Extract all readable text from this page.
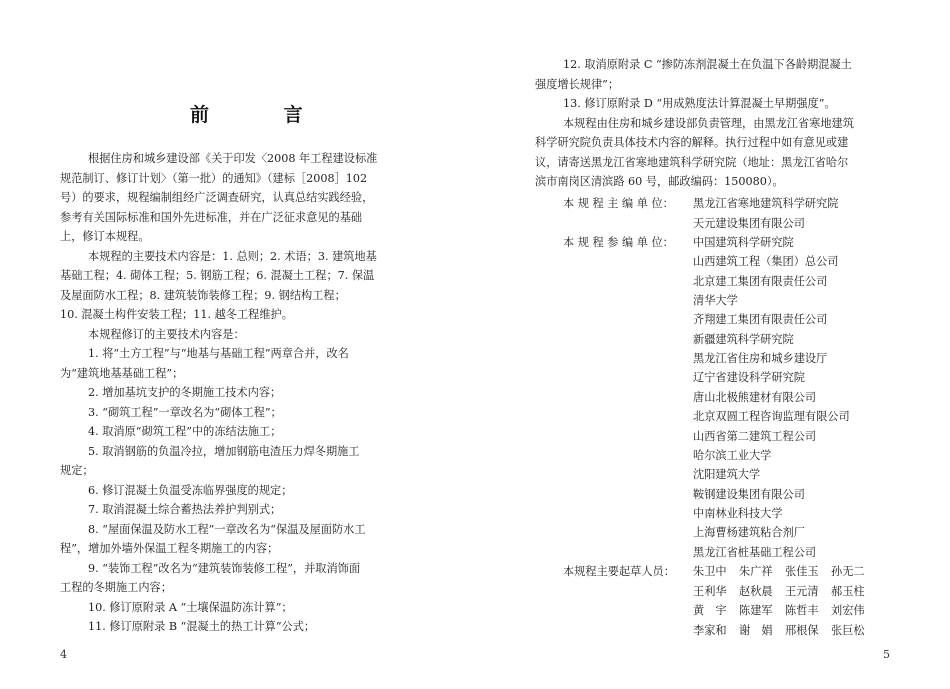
前 言
根据住房和城乡建设部《关于印发〈2008 年工程建设标准
规范制订、修订计划〉（第一批）的通知》（建标［2008］102
号）的要求，规程编制组经广泛调查研究，认真总结实践经验，
参考有关国际标准和国外先进标准，并在广泛征求意见的基础
上，修订本规程。
本规程的主要技术内容是：1. 总则；2. 术语；3. 建筑地基
基础工程；4. 砌体工程；5. 钢筋工程；6. 混凝土工程；7. 保温
及屋面防水工程；8. 建筑装饰装修工程；9. 钢结构工程；
10. 混凝土构件安装工程；11. 越冬工程维护。
本规程修订的主要技术内容是：
1. 将“土方工程”与“地基与基础工程”两章合并，改名
为“建筑地基基础工程”；
2. 增加基坑支护的冬期施工技术内容；
3. “砌筑工程”一章改名为“砌体工程”；
4. 取消原“砌筑工程”中的冻结法施工；
5. 取消钢筋的负温冷拉，增加钢筋电渣压力焊冬期施工
规定；
6. 修订混凝土负温受冻临界强度的规定；
7. 取消混凝土综合蓄热法养护判别式；
8. “屋面保温及防水工程”一章改名为“保温及屋面防水工
程”，增加外墙外保温工程冬期施工的内容；
9. “装饰工程”改名为“建筑装饰装修工程”，并取消饰面
工程的冬期施工内容；
10. 修订原附录 A “土壤保温防冻计算”；
11. 修订原附录 B “混凝土的热工计算”公式；
4
12. 取消原附录 C “掺防冻剂混凝土在负温下各龄期混凝土
强度增长规律”；
13. 修订原附录 D “用成熟度法计算混凝土早期强度”。
本规程由住房和城乡建设部负责管理，由黑龙江省寒地建筑
科学研究院负责具体技术内容的解释。执行过程中如有意见或建
议，请寄送黑龙江省寒地建筑科学研究院（地址：黑龙江省哈尔
滨市南岗区清滨路 60 号，邮政编码：150080）。
本 规 程 主 编 单 位： 黑龙江省寒地建筑科学研究院
天元建设集团有限公司
本 规 程 参 编 单 位： 中国建筑科学研究院
山西建筑工程（集团）总公司
北京建工集团有限责任公司
清华大学
齐翔建工集团有限责任公司
新疆建筑科学研究院
黑龙江省住房和城乡建设厅
辽宁省建设科学研究院
唐山北极熊建材有限公司
北京双圆工程咨询监理有限公司
山西省第二建筑工程公司
哈尔滨工业大学
沈阳建筑大学
鞍钢建设集团有限公司
中南林业科技大学
上海曹杨建筑粘合剂厂
黑龙江省桩基础工程公司
本规程主要起草人员： 朱卫中 朱广祥 张佳玉 孙无二
王利华 赵秋晨 王元清 郝玉柱
黄　宇 陈建军 陈哲丰 刘宏伟
李家和 谢　娟 邢根保 张巨松
5
